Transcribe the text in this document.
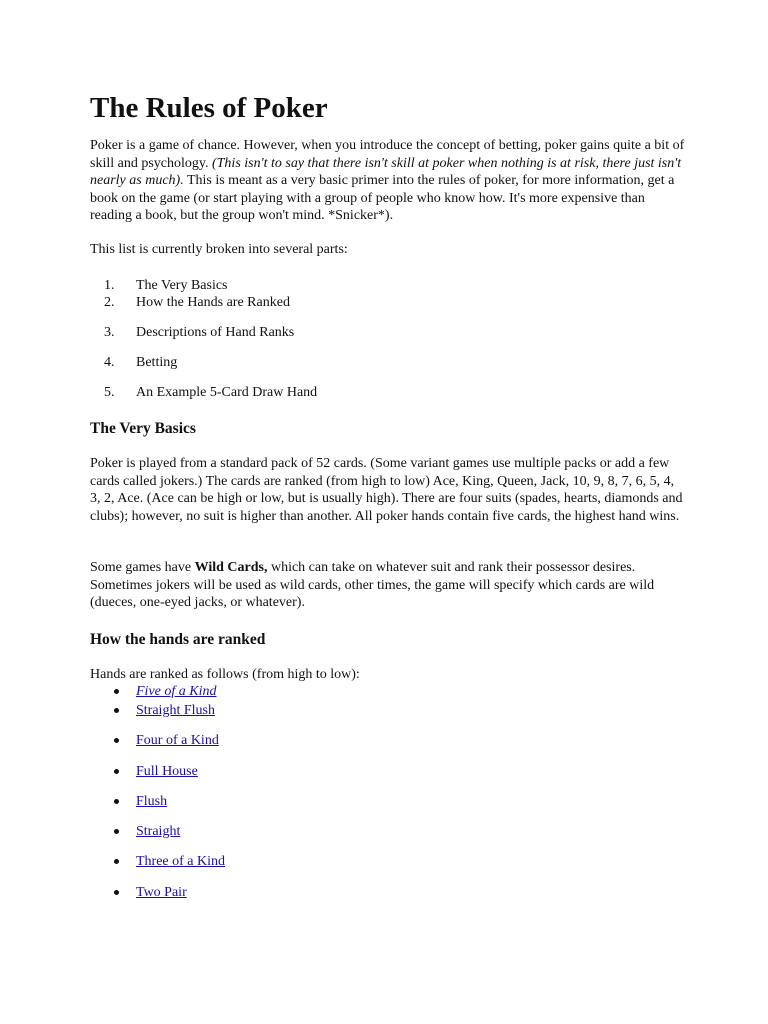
The Rules of Poker

Poker is a game of chance. However, when you introduce the concept of betting, poker gains quite a bit of skill and psychology. (This isn't to say that there isn't skill at poker when nothing is at risk, there just isn't nearly as much). This is meant as a very basic primer into the rules of poker, for more information, get a book on the game (or start playing with a group of people who know how. It's more expensive than reading a book, but the group won't mind. *Snicker*).

This list is currently broken into several parts:

1.	The Very Basics
2.	How the Hands are Ranked
3.	Descriptions of Hand Ranks
4.	Betting
5.	An Example 5-Card Draw Hand
The Very Basics

Poker is played from a standard pack of 52 cards. (Some variant games use multiple packs or add a few cards called jokers.) The cards are ranked (from high to low) Ace, King, Queen, Jack, 10, 9, 8, 7, 6, 5, 4, 3, 2, Ace. (Ace can be high or low, but is usually high). There are four suits (spades, hearts, diamonds and clubs); however, no suit is higher than another. All poker hands contain five cards, the highest hand wins.

Some games have Wild Cards, which can take on whatever suit and rank their possessor desires. Sometimes jokers will be used as wild cards, other times, the game will specify which cards are wild (dueces, one-eyed jacks, or whatever).

How the hands are ranked

Hands are ranked as follows (from high to low):

Five of a Kind
Straight Flush
Four of a Kind
Full House
Flush
Straight
Three of a Kind
Two Pair
